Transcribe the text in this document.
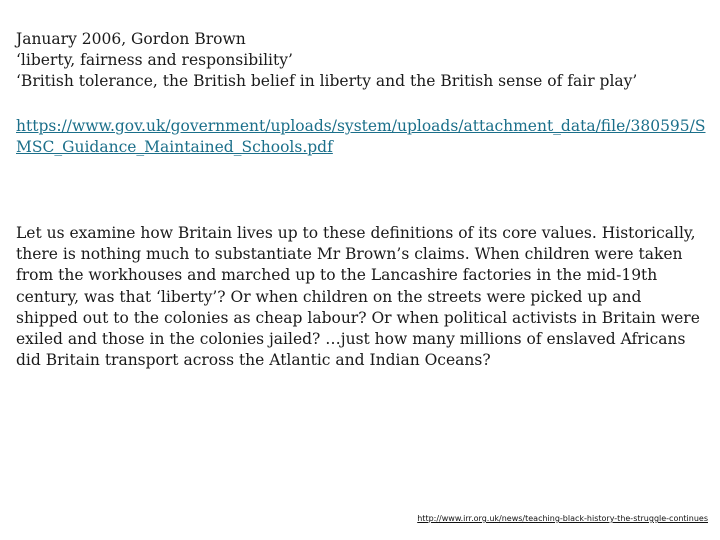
January 2006, Gordon Brown
‘liberty, fairness and responsibility’
‘British tolerance, the British belief in liberty and the British sense of fair play’
https://www.gov.uk/government/uploads/system/uploads/attachment_data/file/380595/SMSC_Guidance_Maintained_Schools.pdf

Let us examine how Britain lives up to these definitions of its core values. Historically, there is nothing much to substantiate Mr Brown’s claims. When children were taken from the workhouses and marched up to the Lancashire factories in the mid-19th century, was that ‘liberty’? Or when children on the streets were picked up and shipped out to the colonies as cheap labour? Or when political activists in Britain were exiled and those in the colonies jailed? …just how many millions of enslaved Africans did Britain transport across the Atlantic and Indian Oceans?

http://www.irr.org.uk/news/teaching-black-history-the-struggle-continues
